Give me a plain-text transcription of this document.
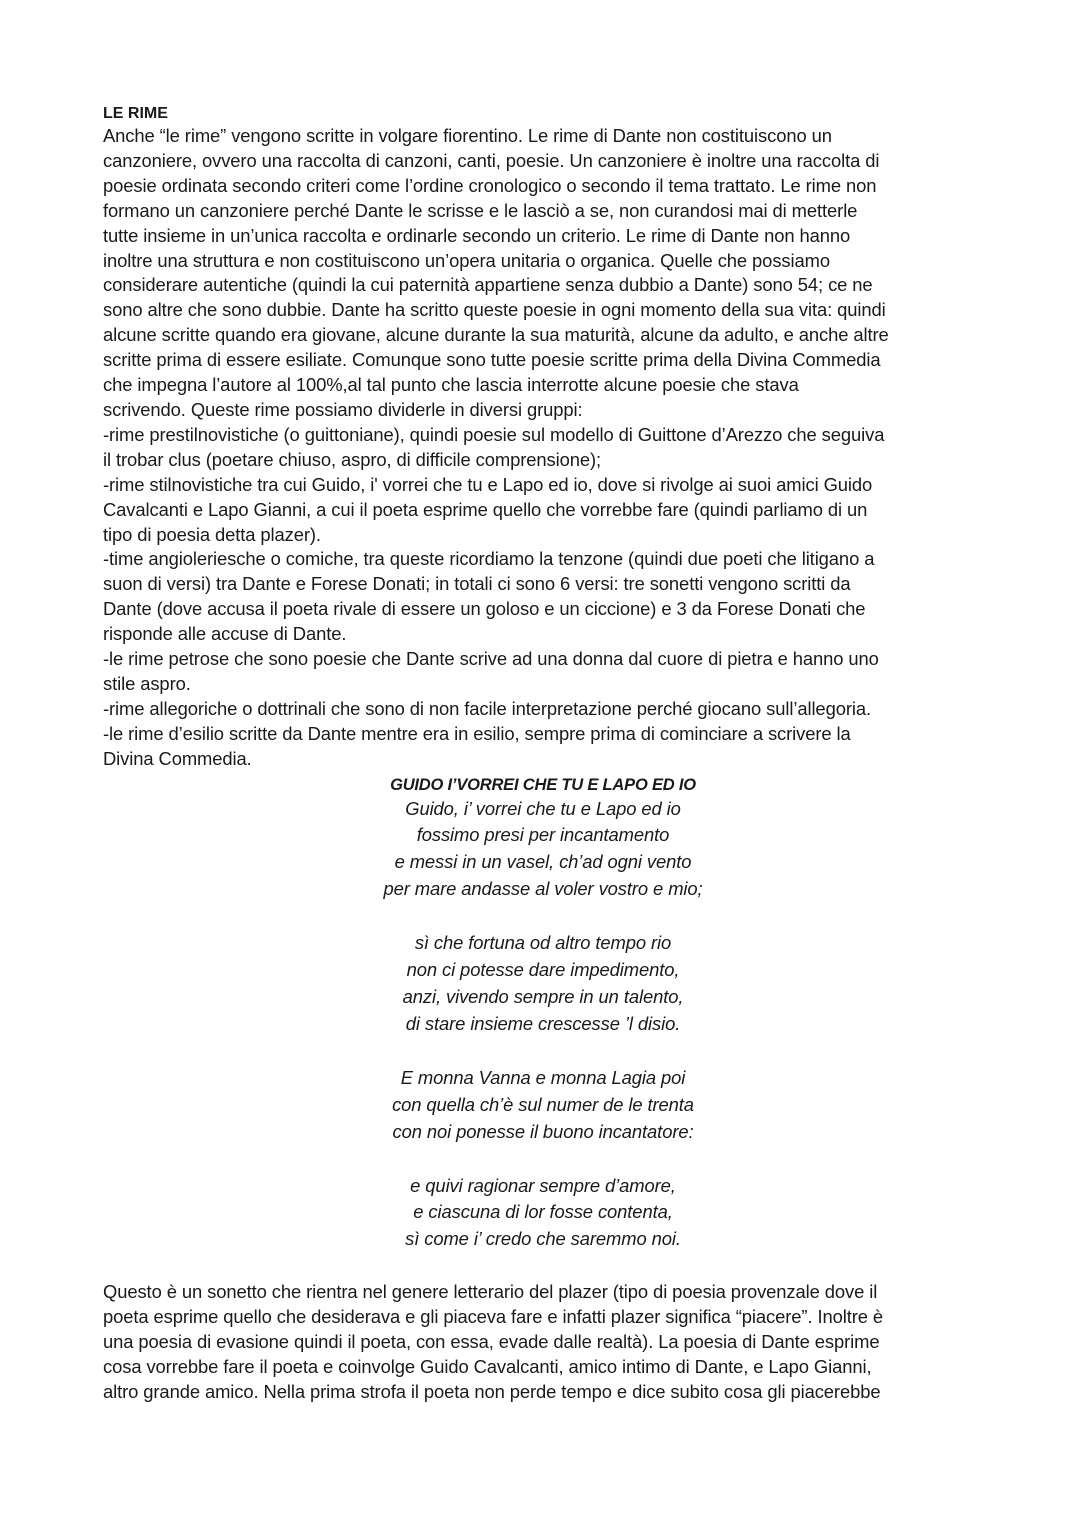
LE RIME
Anche “le rime” vengono scritte in volgare fiorentino. Le rime di Dante non costituiscono un
canzoniere, ovvero una raccolta di canzoni, canti, poesie. Un canzoniere è inoltre una raccolta di
poesie ordinata secondo criteri come l’ordine cronologico o secondo il tema trattato. Le rime non
formano un canzoniere perché Dante le scrisse e le lasciò a se, non curandosi mai di metterle
tutte insieme in un’unica raccolta e ordinarle secondo un criterio. Le rime di Dante non hanno
inoltre una struttura e non costituiscono un’opera unitaria o organica. Quelle che possiamo
considerare autentiche (quindi la cui paternità appartiene senza dubbio a Dante) sono 54; ce ne
sono altre che sono dubbie. Dante ha scritto queste poesie in ogni momento della sua vita: quindi
alcune scritte quando era giovane, alcune durante la sua maturità, alcune da adulto, e anche altre
scritte prima di essere esiliate. Comunque sono tutte poesie scritte prima della Divina Commedia
che impegna l’autore al 100%,al tal punto che lascia interrotte alcune poesie che stava
scrivendo. Queste rime possiamo dividerle in diversi gruppi:
-rime prestilnovistiche (o guittoniane), quindi poesie sul modello di Guittone d’Arezzo che seguiva
il trobar clus (poetare chiuso, aspro, di difficile comprensione);
-rime stilnovistiche tra cui Guido, i' vorrei che tu e Lapo ed io, dove si rivolge ai suoi amici Guido
Cavalcanti e Lapo Gianni, a cui il poeta esprime quello che vorrebbe fare (quindi parliamo di un
tipo di poesia detta plazer).
-time angioleriesche o comiche, tra queste ricordiamo la tenzone (quindi due poeti che litigano a
suon di versi) tra Dante e Forese Donati; in totali ci sono 6 versi: tre sonetti vengono scritti da
Dante (dove accusa il poeta rivale di essere un goloso e un ciccione) e 3 da Forese Donati che
risponde alle accuse di Dante.
-le rime petrose che sono poesie che Dante scrive ad una donna dal cuore di pietra e hanno uno
stile aspro.
-rime allegoriche o dottrinali che sono di non facile interpretazione perché giocano sull’allegoria.
-le rime d’esilio scritte da Dante mentre era in esilio, sempre prima di cominciare a scrivere la
Divina Commedia.
GUIDO I’VORREI CHE TU E LAPO ED IO
Guido, i’ vorrei che tu e Lapo ed io
fossimo presi per incantamento
e messi in un vasel, ch’ad ogni vento
per mare andasse al voler vostro e mio;
sì che fortuna od altro tempo rio
non ci potesse dare impedimento,
anzi, vivendo sempre in un talento,
di stare insieme crescesse ’l disio.
E monna Vanna e monna Lagia poi
con quella ch’è sul numer de le trenta
con noi ponesse il buono incantatore:
e quivi ragionar sempre d’amore,
e ciascuna di lor fosse contenta,
sì come i’ credo che saremmo noi.
Questo è un sonetto che rientra nel genere letterario del plazer (tipo di poesia provenzale dove il
poeta esprime quello che desiderava e gli piaceva fare e infatti plazer significa “piacere”. Inoltre è
una poesia di evasione quindi il poeta, con essa, evade dalle realtà). La poesia di Dante esprime
cosa vorrebbe fare il poeta e coinvolge Guido Cavalcanti, amico intimo di Dante, e Lapo Gianni,
altro grande amico. Nella prima strofa il poeta non perde tempo e dice subito cosa gli piacerebbe
